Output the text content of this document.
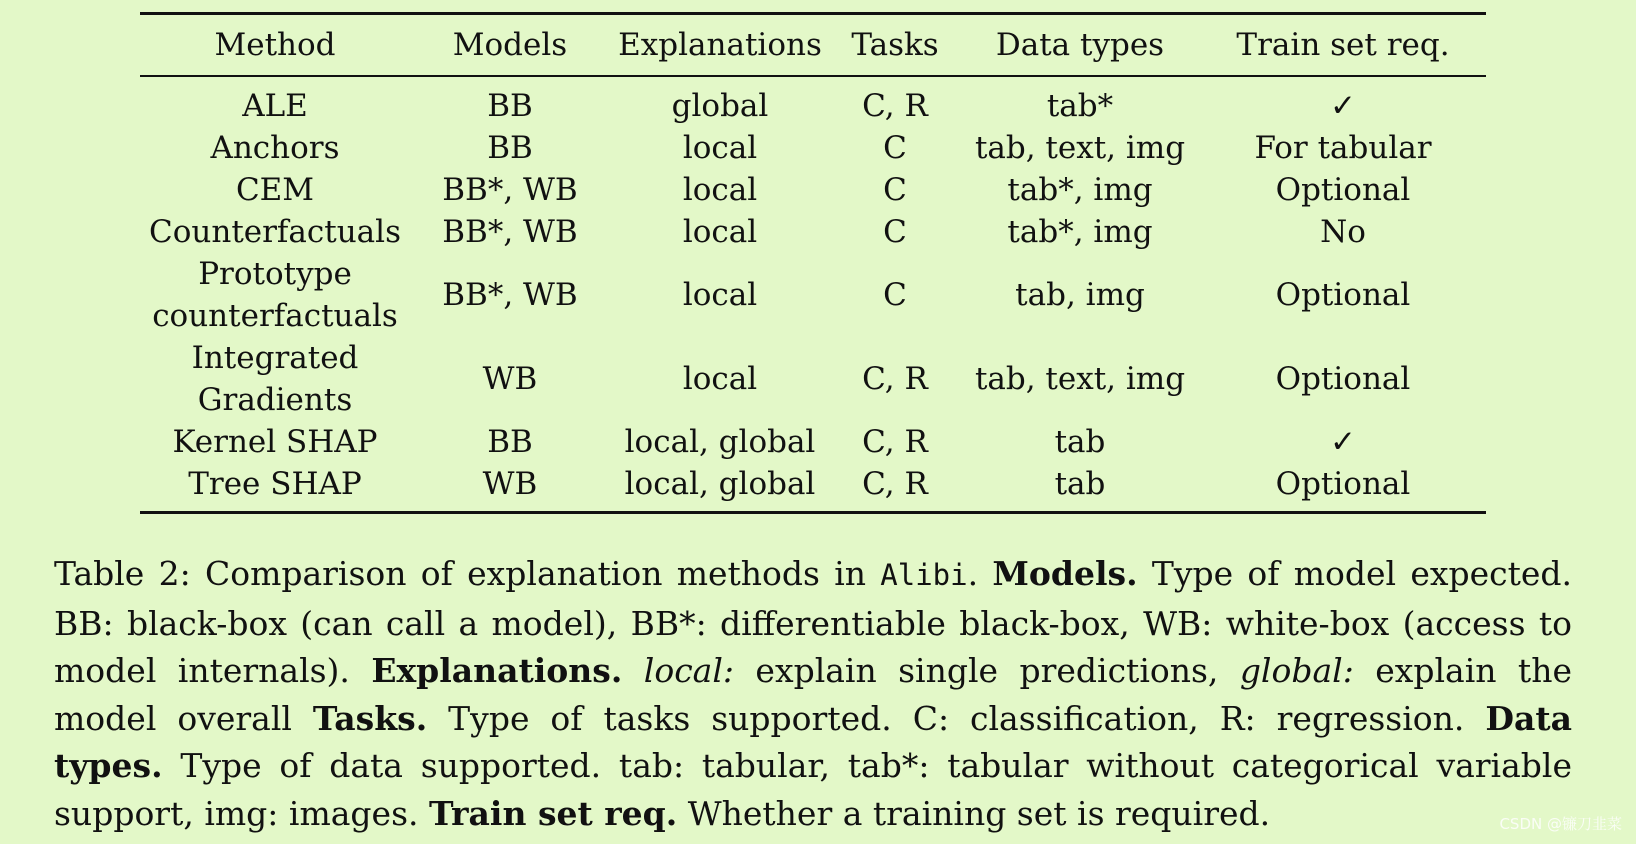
Method	Models	Explanations	Tasks	Data types	Train set req.
ALE	BB	global	C, R	tab*	✓
Anchors	BB	local	C	tab, text, img	For tabular
CEM	BB*, WB	local	C	tab*, img	Optional
Counterfactuals	BB*, WB	local	C	tab*, img	No
Prototype
counterfactuals	BB*, WB	local	C	tab, img	Optional
Integrated
Gradients	WB	local	C, R	tab, text, img	Optional
Kernel SHAP	BB	local, global	C, R	tab	✓
Tree SHAP	WB	local, global	C, R	tab	Optional
Table 2: Comparison of explanation methods in Alibi. Models. Type of model expected. BB: black-box (can call a model), BB*: differentiable black-box, WB: white-box (access to model internals). Explanations. local: explain single predictions, global: explain the model overall Tasks. Type of tasks supported. C: classification, R: regression. Data types. Type of data supported. tab: tabular, tab*: tabular without categorical variable support, img: images. Train set req. Whether a training set is required.	CSDN @镰刀韭菜
